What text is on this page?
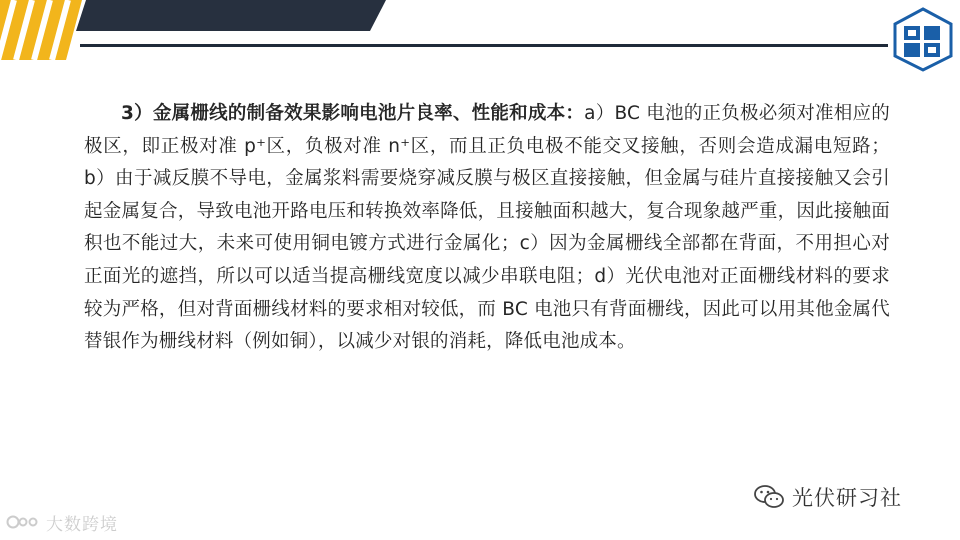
3）金属栅线的制备效果影响电池片良率、性能和成本：a）BC 电池的正负极必须对准相应的极区，即正极对准 p⁺区，负极对准 n⁺区，而且正负电极不能交叉接触，否则会造成漏电短路；b）由于减反膜不导电，金属浆料需要烧穿减反膜与极区直接接触，但金属与硅片直接接触又会引起金属复合，导致电池开路电压和转换效率降低，且接触面积越大，复合现象越严重，因此接触面积也不能过大，未来可使用铜电镀方式进行金属化；c）因为金属栅线全部都在背面，不用担心对正面光的遮挡，所以可以适当提高栅线宽度以减少串联电阻；d）光伏电池对正面栅线材料的要求较为严格，但对背面栅线材料的要求相对较低，而 BC 电池只有背面栅线，因此可以用其他金属代替银作为栅线材料（例如铜），以减少对银的消耗，降低电池成本。
光伏研习社
大数跨境
